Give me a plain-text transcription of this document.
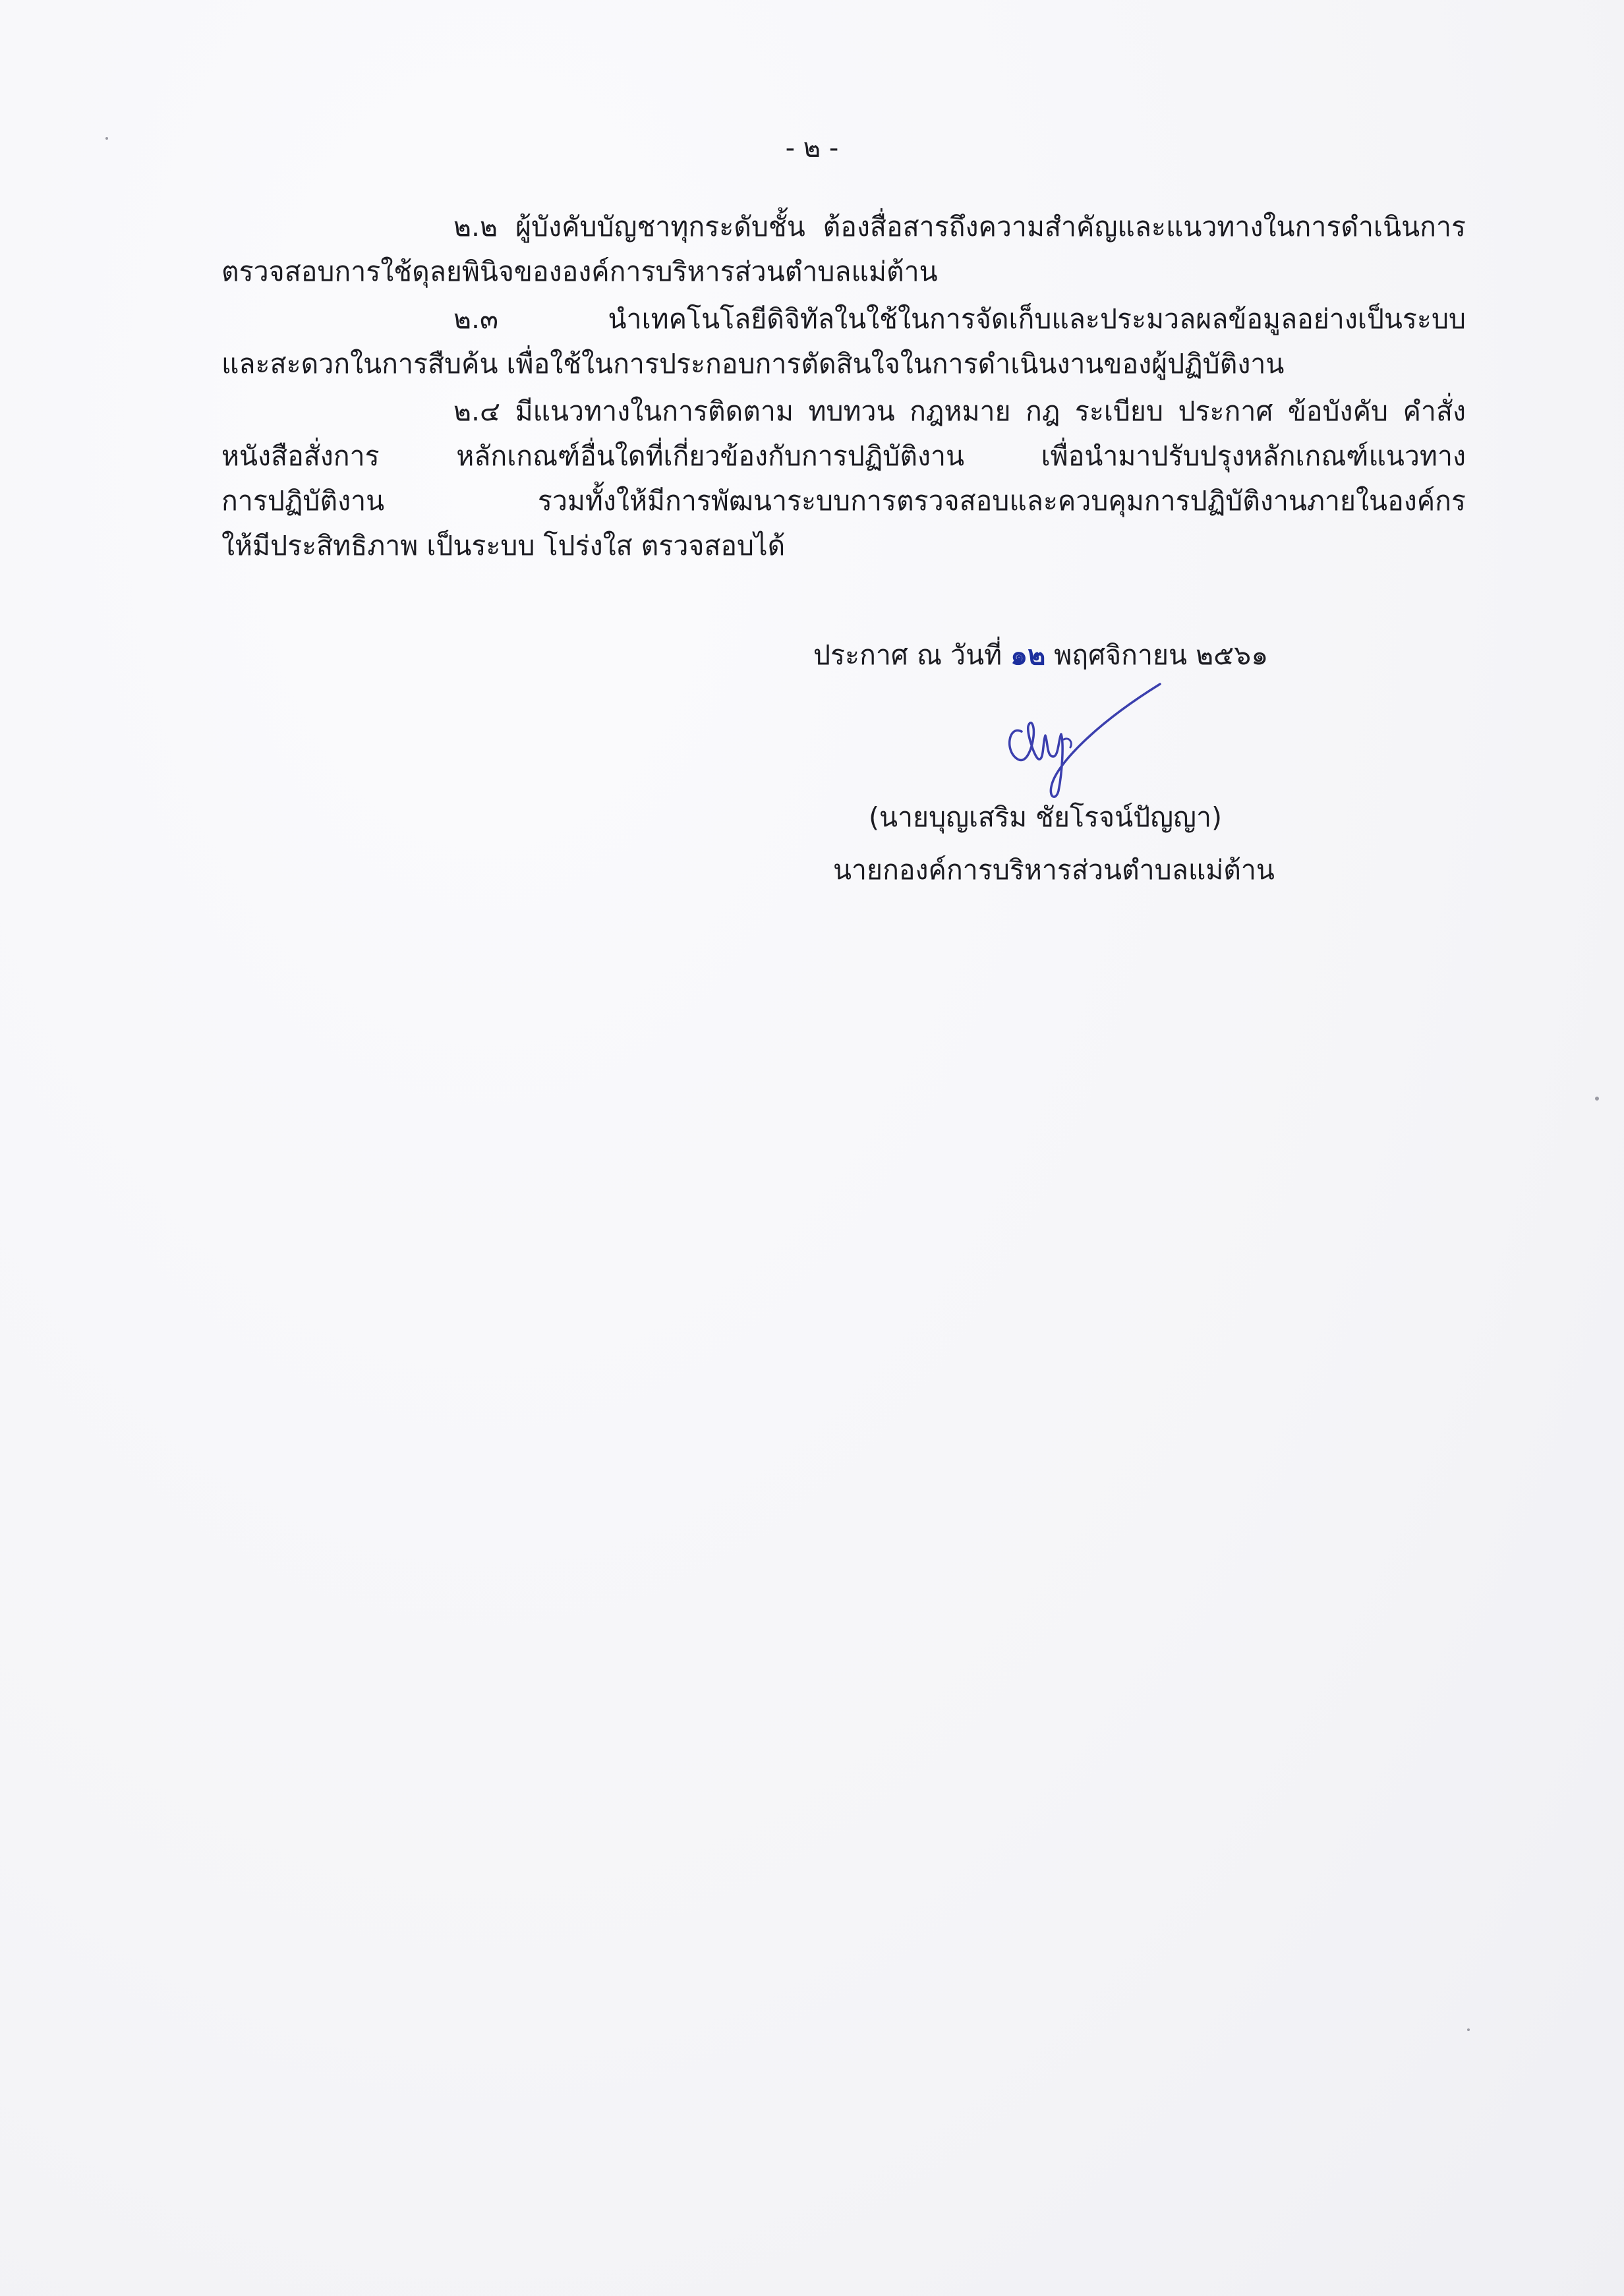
- ๒ -

๒.๒ ผู้บังคับบัญชาทุกระดับชั้น ต้องสื่อสารถึงความสำคัญและแนวทางในการดำเนินการ
ตรวจสอบการใช้ดุลยพินิจขององค์การบริหารส่วนตำบลแม่ต้าน

๒.๓ นำเทคโนโลยีดิจิทัลในใช้ในการจัดเก็บและประมวลผลข้อมูลอย่างเป็นระบบ
และสะดวกในการสืบค้น เพื่อใช้ในการประกอบการตัดสินใจในการดำเนินงานของผู้ปฏิบัติงาน

๒.๔ มีแนวทางในการติดตาม ทบทวน กฎหมาย กฎ ระเบียบ ประกาศ ข้อบังคับ คำสั่ง
หนังสือสั่งการ หลักเกณฑ์อื่นใดที่เกี่ยวข้องกับการปฏิบัติงาน เพื่อนำมาปรับปรุงหลักเกณฑ์แนวทาง
การปฏิบัติงาน รวมทั้งให้มีการพัฒนาระบบการตรวจสอบและควบคุมการปฏิบัติงานภายในองค์กร
ให้มีประสิทธิภาพ เป็นระบบ โปร่งใส ตรวจสอบได้

ประกาศ ณ วันที่ ๑๒ พฤศจิกายน ๒๕๖๑
(นายบุญเสริม ชัยโรจน์ปัญญา)
นายกองค์การบริหารส่วนตำบลแม่ต้าน
